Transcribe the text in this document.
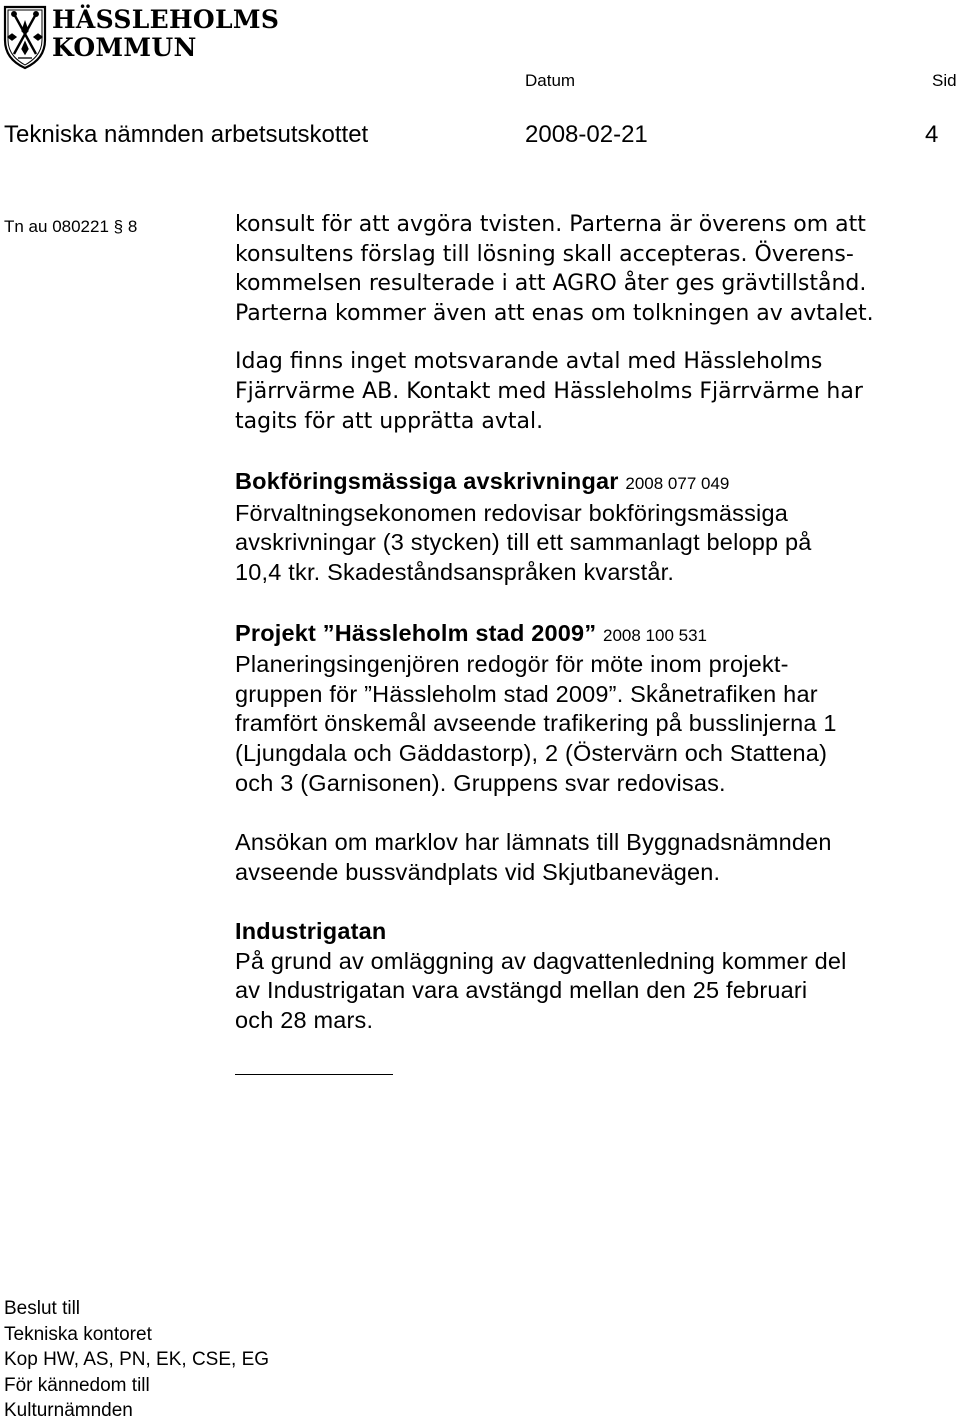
HÄSSLEHOLMS
KOMMUN
Datum	Sid
Tekniska nämnden arbetsutskottet	2008-02-21	4
Tn au 080221 § 8	konsult för att avgöra tvisten. Parterna är överens om att

konsultens förslag till lösning skall accepteras. Överens-

kommelsen resulterade i att AGRO åter ges grävtillstånd.

Parterna kommer även att enas om tolkningen av avtalet.

Idag finns inget motsvarande avtal med Hässleholms

Fjärrvärme AB. Kontakt med Hässleholms Fjärrvärme har

tagits för att upprätta avtal.

Bokföringsmässiga avskrivningar 2008 077 049

Förvaltningsekonomen redovisar bokföringsmässiga

avskrivningar (3 stycken) till ett sammanlagt belopp på

10,4 tkr. Skadeståndsanspråken kvarstår.

Projekt ”Hässleholm stad 2009” 2008 100 531

Planeringsingenjören redogör för möte inom projekt-

gruppen för ”Hässleholm stad 2009”. Skånetrafiken har

framfört önskemål avseende trafikering på busslinjerna 1

(Ljungdala och Gäddastorp), 2 (Östervärn och Stattena)

och 3 (Garnisonen). Gruppens svar redovisas.

Ansökan om marklov har lämnats till Byggnadsnämnden

avseende bussvändplats vid Skjutbanevägen.

Industrigatan

På grund av omläggning av dagvattenledning kommer del

av Industrigatan vara avstängd mellan den 25 februari

och 28 mars.

Beslut till
Tekniska kontoret
Kop HW, AS, PN, EK, CSE, EG
För kännedom till
Kulturnämnden
